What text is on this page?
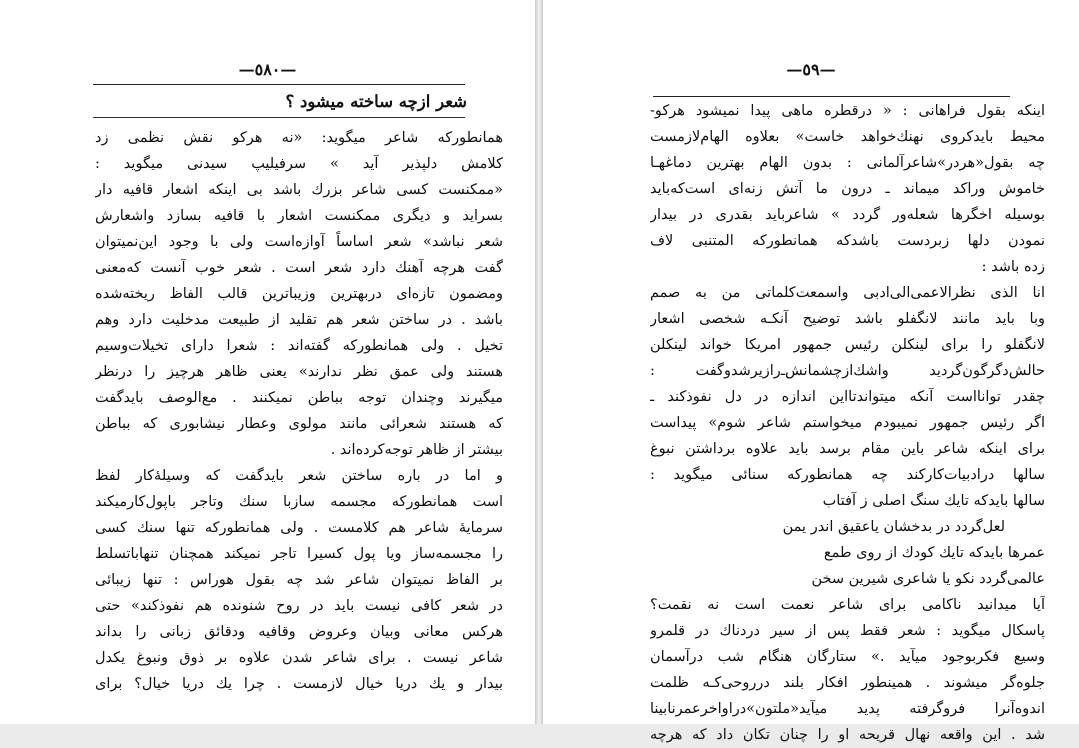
—٥٨٠—
شعر ازچه ساخته میشود ؟
همانطورکه شاعر میگوید: «نه هرکو نقش نظمی زد
کلامش دلپذیر آید » سرفیلیپ سیدنی میگوید :
«ممکنست کسی شاعر بزرك باشد بی اینکه اشعار قافیه دار
بسراید و دیگری ممکنست اشعار با قافیه بسازد واشعارش
شعر نباشد» شعر اساساً آوازه‌است ولی با وجود این‌نمیتوان
گفت هرچه آهنك دارد شعر است . شعر خوب آنست که‌معنی
ومضمون تازه‌ای دربهترین وزیباترین قالب الفاظ ریخته‌شده
باشد . در ساختن شعر هم تقلید از طبیعت مدخلیت دارد وهم
تخیل . ولی همانطورکه گفته‌اند : شعرا دارای تخیلات‌وسیم
هستند ولی عمق نظر ندارند» یعنی ظاهر هرچیز را درنظر
میگیرند وچندان توجه بباطن نمیکنند . مع‌الوصف باید‌گفت
که هستند شعرائی مانند مولوی وعطار نیشابوری که بباطن
بیشتر از ظاهر توجه‌کرده‌اند .
و اما در باره ساختن شعر باید‌گفت که وسیلهٔ‌کار لفظ
است همانطورکه مجسمه سازبا سنك وتاجر باپول‌کارمیکند
سرمایهٔ شاعر هم کلامست . ولی همانطورکه تنها سنك کسی
را مجسمه‌ساز ویا پول کسیرا تاجر نمیکند همچنان تنهاباتسلط
بر الفاظ نمیتوان شاعر شد چه بقول هوراس : تنها زیبائی
در شعر کافی نیست باید در روح شنونده هم نفوذ‌کند» حتی
هرکس معانی وبیان وعروض وقافیه ودقائق زبانی را بداند
شاعر نیست . برای شاعر شدن علاوه بر ذوق ونبوغ یکدل
بیدار و یك دریا خیال لازمست . چرا یك دریا خیال؟ برای
—٥٩—
اینکه بقول فراهانی : « درقطره ماهی پیدا نمیشود هرکو-
محیط باید‌کروی نهنك‌خواهد خاست» بعلاوه الهام‌لازمست
چه بقول«هردر»شاعرآلمانی : بدون الهام بهترین دماغهـا
خاموش وراکد میماند ـ درون ما آتش زنه‌ای است‌که‌باید
بوسیله اخگرها شعله‌ور گردد » شاعرباید بقدری در بیدار
نمودن دلها زبردست باشدکه همانطورکه المتنبی لاف
زده باشد :
انا الذی نظرالاعمی‌الی‌ادبی واسمعت‌کلماتی من به صمم
وبا باید مانند لانگفلو باشد توضیح آنکـه شخصی اشعار
لانگفلو را برای لینکلن رئیس جمهور امریکا خواند لینکلن
حالش‌دگرگون‌گردید واشك‌ازچشمانش‌ـ‌رازیرشدوگفت :
چقدر توانااست آنکه میتواندتااین اندازه در دل نفوذ‌کند ـ
اگر رئیس جمهور نمیبودم میخواستم شاعر شوم» پیداست
برای اینکه شاعر باین مقام برسد باید علاوه برداشتن نبوغ
سالها درادبیات‌کارکند چه همانطورکه سنائی میگوید :
سالها باید‌که تایك سنگ اصلی ز آفتاب
لعل‌گردد در بدخشان یاعقیق اندر یمن
عمرها باید‌که تایك کودك از روی طمع
عالمی‌گردد نکو یا شاعری شیرین سخن
آیا میدانید ناکامی برای شاعر نعمت است نه نقمت؟
پاسکال میگوید : شعر فقط پس از سیر دردناك در قلمرو
وسیع فکربوجود میآید .» ستارگان هنگام شب درآسمان
جلوه‌گر میشوند . همینطور افکار بلند درروحی‌کـه ظلمت
اندوه‌آنرا فروگرفته پدید میآید«ملتون»دراواخرعمرنابینا
شد . این واقعه نهال قریحه او را چنان تکان داد که هرچه
